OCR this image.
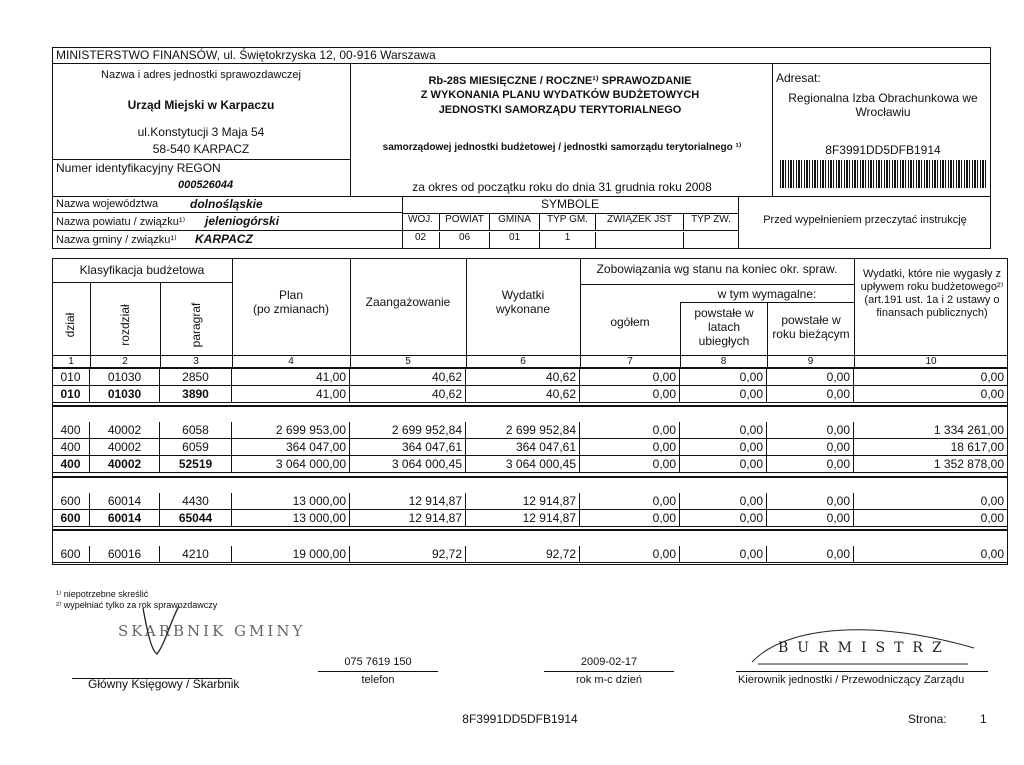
MINISTERSTWO FINANSÓW, ul. Świętokrzyska 12, 00-916 Warszawa
Nazwa i adres jednostki sprawozdawczej
Urząd Miejski w Karpaczu
ul.Konstytucji 3 Maja 54
58-540 KARPACZ
Numer identyfikacyjny REGON
000526044
Rb-28S MIESIĘCZNE / ROCZNE¹⁾ SPRAWOZDANIE
Z WYKONANIA PLANU WYDATKÓW BUDŻETOWYCH
JEDNOSTKI SAMORZĄDU TERYTORIALNEGO
samorządowej jednostki budżetowej / jednostki samorządu terytorialnego ¹⁾
za okres od początku roku do dnia 31 grudnia roku 2008
Adresat:
Regionalna Izba Obrachunkowa we Wrocławiu
8F3991DD5DFB1914
Nazwa województwa	dolnośląskie
Nazwa powiatu / związku¹⁾ jeleniogórski
Nazwa gminy / związku¹⁾ KARPACZ
SYMBOLE
WOJ.	POWIAT	GMINA	TYP GM.	ZWIĄZEK JST	TYP ZW.
02	06	01	1
Przed wypełnieniem przeczytać instrukcję
Klasyfikacja budżetowa
dział	rozdział	paragraf
Plan
(po zmianach)	Zaangażowanie	Wydatki
wykonane
Zobowiązania wg stanu na koniec okr. spraw.
ogółem
w tym wymagalne:
powstałe w
latach
ubiegłych
powstałe w
roku bieżącym
Wydatki, które nie wygasły z upływem roku budżetowego²⁾ (art.191 ust. 1a i 2 ustawy o finansach publicznych)
1	2	3	4	5	6	7	8	9	10
010	01030	2850	41,00	40,62	40,62	0,00	0,00	0,00	0,00
010	01030	3890	41,00	40,62	40,62	0,00	0,00	0,00	0,00
400	40002	6058	2 699 953,00	2 699 952,84	2 699 952,84	0,00	0,00	0,00	1 334 261,00
400	40002	6059	364 047,00	364 047,61	364 047,61	0,00	0,00	0,00	18 617,00
400	40002	52519	3 064 000,00	3 064 000,45	3 064 000,45	0,00	0,00	0,00	1 352 878,00
600	60014	4430	13 000,00	12 914,87	12 914,87	0,00	0,00	0,00	0,00
600	60014	65044	13 000,00	12 914,87	12 914,87	0,00	0,00	0,00	0,00
600	60016	4210	19 000,00	92,72	92,72	0,00	0,00	0,00	0,00
¹⁾ niepotrzebne skreślić
²⁾ wypełniać tylko za rok sprawozdawczy
SKARBNIK GMINY
Główny Księgowy / Skarbnik
075 7619 150
telefon
2009-02-17
rok m-c dzień
BURMISTRZ
Kierownik jednostki / Przewodniczący Zarządu
8F3991DD5DFB1914	Strona:	1
